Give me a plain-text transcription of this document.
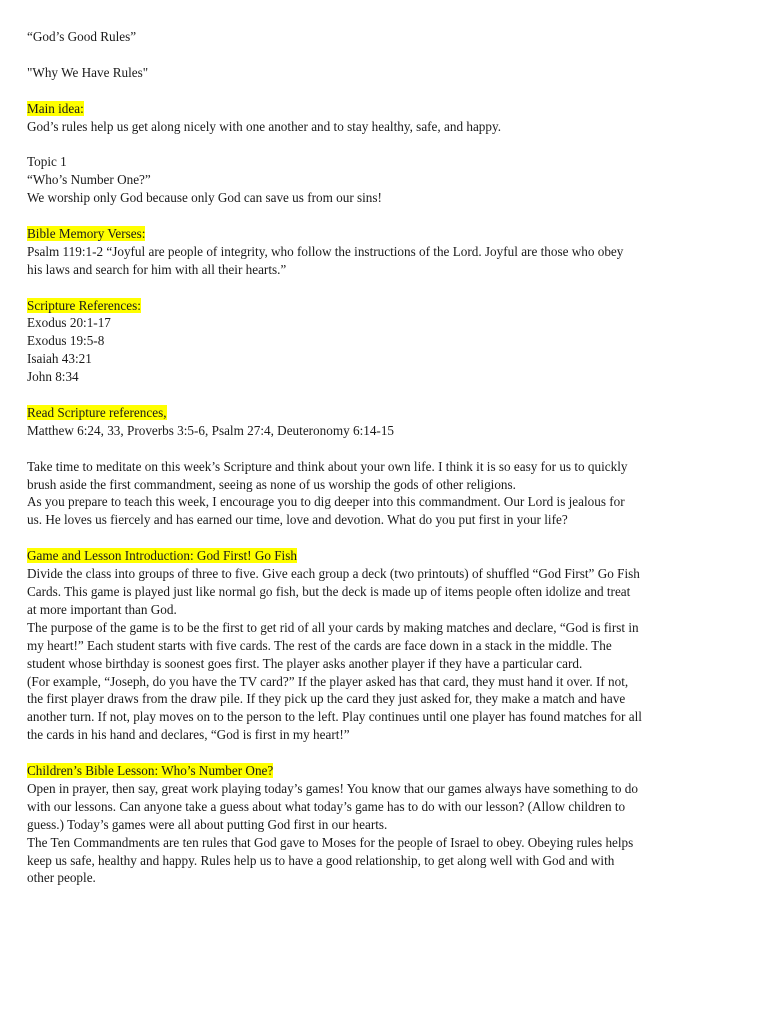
“God’s Good Rules”
"Why We Have Rules"
Main idea:
God’s rules help us get along nicely with one another and to stay healthy, safe, and happy.
Topic 1
“Who’s Number One?”
We worship only God because only God can save us from our sins!
Bible Memory Verses:
Psalm 119:1-2 “Joyful are people of integrity, who follow the instructions of the Lord. Joyful are those who obey
his laws and search for him with all their hearts.”
Scripture References:
Exodus 20:1-17
Exodus 19:5-8
Isaiah 43:21
John 8:34
Read Scripture references,
Matthew 6:24, 33, Proverbs 3:5-6, Psalm 27:4, Deuteronomy 6:14-15
Take time to meditate on this week’s Scripture and think about your own life. I think it is so easy for us to quickly
brush aside the first commandment, seeing as none of us worship the gods of other religions.
As you prepare to teach this week, I encourage you to dig deeper into this commandment. Our Lord is jealous for
us. He loves us fiercely and has earned our time, love and devotion. What do you put first in your life?
Game and Lesson Introduction: God First! Go Fish
Divide the class into groups of three to five. Give each group a deck (two printouts) of shuffled “God First” Go Fish
Cards. This game is played just like normal go fish, but the deck is made up of items people often idolize and treat
at more important than God.
The purpose of the game is to be the first to get rid of all your cards by making matches and declare, “God is first in
my heart!” Each student starts with five cards. The rest of the cards are face down in a stack in the middle. The
student whose birthday is soonest goes first. The player asks another player if they have a particular card.
(For example, “Joseph, do you have the TV card?” If the player asked has that card, they must hand it over. If not,
the first player draws from the draw pile. If they pick up the card they just asked for, they make a match and have
another turn. If not, play moves on to the person to the left. Play continues until one player has found matches for all
the cards in his hand and declares, “God is first in my heart!”
Children’s Bible Lesson: Who’s Number One?
Open in prayer, then say, great work playing today’s games! You know that our games always have something to do
with our lessons. Can anyone take a guess about what today’s game has to do with our lesson? (Allow children to
guess.) Today’s games were all about putting God first in our hearts.
The Ten Commandments are ten rules that God gave to Moses for the people of Israel to obey. Obeying rules helps
keep us safe, healthy and happy. Rules help us to have a good relationship, to get along well with God and with
other people.
